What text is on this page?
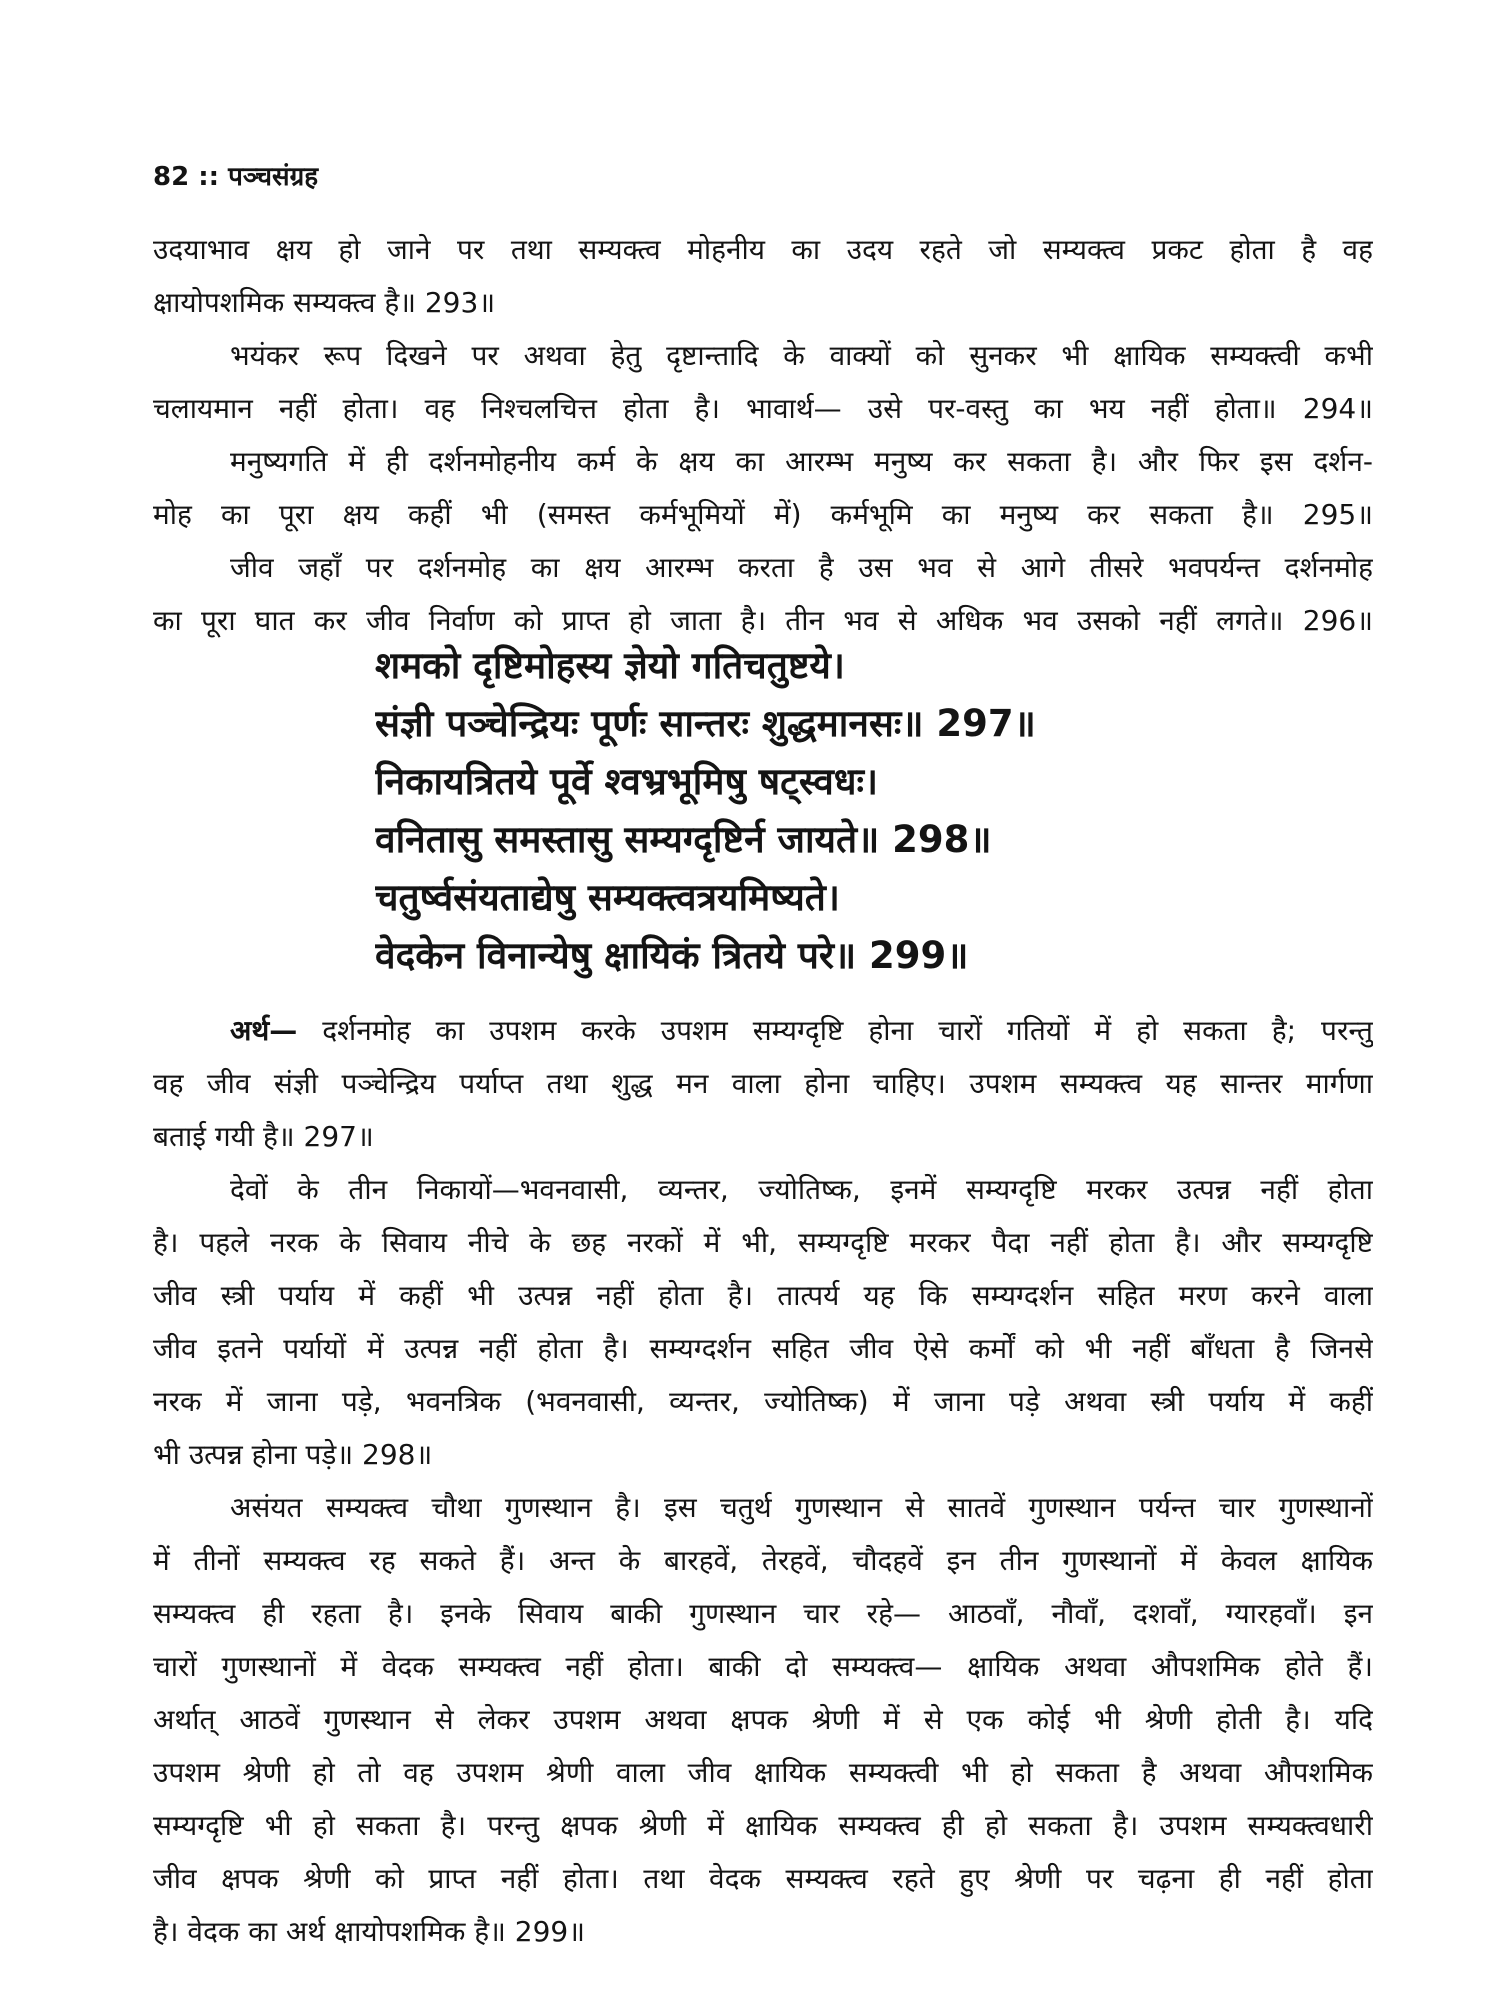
82 :: पञ्चसंग्रह
उदयाभाव क्षय हो जाने पर तथा सम्यक्त्व मोहनीय का उदय रहते जो सम्यक्त्व प्रकट होता है वह
क्षायोपशमिक सम्यक्त्व है॥ 293॥
भयंकर रूप दिखने पर अथवा हेतु दृष्टान्तादि के वाक्यों को सुनकर भी क्षायिक सम्यक्त्वी कभी
चलायमान नहीं होता। वह निश्चलचित्त होता है। भावार्थ— उसे पर-वस्तु का भय नहीं होता॥ 294॥
मनुष्यगति में ही दर्शनमोहनीय कर्म के क्षय का आरम्भ मनुष्य कर सकता है। और फिर इस दर्शन-
मोह का पूरा क्षय कहीं भी (समस्त कर्मभूमियों में) कर्मभूमि का मनुष्य कर सकता है॥ 295॥
जीव जहाँ पर दर्शनमोह का क्षय आरम्भ करता है उस भव से आगे तीसरे भवपर्यन्त दर्शनमोह
का पूरा घात कर जीव निर्वाण को प्राप्त हो जाता है। तीन भव से अधिक भव उसको नहीं लगते॥ 296॥
शमको दृष्टिमोहस्य ज्ञेयो गतिचतुष्टये।
संज्ञी पञ्चेन्द्रियः पूर्णः सान्तरः शुद्धमानसः॥ 297॥
निकायत्रितये पूर्वे श्वभ्रभूमिषु षट्स्वधः।
वनितासु समस्तासु सम्यग्दृष्टिर्न जायते॥ 298॥
चतुर्ष्वसंयताद्येषु सम्यक्त्वत्रयमिष्यते।
वेदकेन विनान्येषु क्षायिकं त्रितये परे॥ 299॥
अर्थ— दर्शनमोह का उपशम करके उपशम सम्यग्दृष्टि होना चारों गतियों में हो सकता है; परन्तु
वह जीव संज्ञी पञ्चेन्द्रिय पर्याप्त तथा शुद्ध मन वाला होना चाहिए। उपशम सम्यक्त्व यह सान्तर मार्गणा
बताई गयी है॥ 297॥
देवों के तीन निकायों—भवनवासी, व्यन्तर, ज्योतिष्क, इनमें सम्यग्दृष्टि मरकर उत्पन्न नहीं होता
है। पहले नरक के सिवाय नीचे के छह नरकों में भी, सम्यग्दृष्टि मरकर पैदा नहीं होता है। और सम्यग्दृष्टि
जीव स्त्री पर्याय में कहीं भी उत्पन्न नहीं होता है। तात्पर्य यह कि सम्यग्दर्शन सहित मरण करने वाला
जीव इतने पर्यायों में उत्पन्न नहीं होता है। सम्यग्दर्शन सहित जीव ऐसे कर्मों को भी नहीं बाँधता है जिनसे
नरक में जाना पड़े, भवनत्रिक (भवनवासी, व्यन्तर, ज्योतिष्क) में जाना पड़े अथवा स्त्री पर्याय में कहीं
भी उत्पन्न होना पड़े॥ 298॥
असंयत सम्यक्त्व चौथा गुणस्थान है। इस चतुर्थ गुणस्थान से सातवें गुणस्थान पर्यन्त चार गुणस्थानों
में तीनों सम्यक्त्व रह सकते हैं। अन्त के बारहवें, तेरहवें, चौदहवें इन तीन गुणस्थानों में केवल क्षायिक
सम्यक्त्व ही रहता है। इनके सिवाय बाकी गुणस्थान चार रहे— आठवाँ, नौवाँ, दशवाँ, ग्यारहवाँ। इन
चारों गुणस्थानों में वेदक सम्यक्त्व नहीं होता। बाकी दो सम्यक्त्व— क्षायिक अथवा औपशमिक होते हैं।
अर्थात् आठवें गुणस्थान से लेकर उपशम अथवा क्षपक श्रेणी में से एक कोई भी श्रेणी होती है। यदि
उपशम श्रेणी हो तो वह उपशम श्रेणी वाला जीव क्षायिक सम्यक्त्वी भी हो सकता है अथवा औपशमिक
सम्यग्दृष्टि भी हो सकता है। परन्तु क्षपक श्रेणी में क्षायिक सम्यक्त्व ही हो सकता है। उपशम सम्यक्त्वधारी
जीव क्षपक श्रेणी को प्राप्त नहीं होता। तथा वेदक सम्यक्त्व रहते हुए श्रेणी पर चढ़ना ही नहीं होता
है। वेदक का अर्थ क्षायोपशमिक है॥ 299॥
